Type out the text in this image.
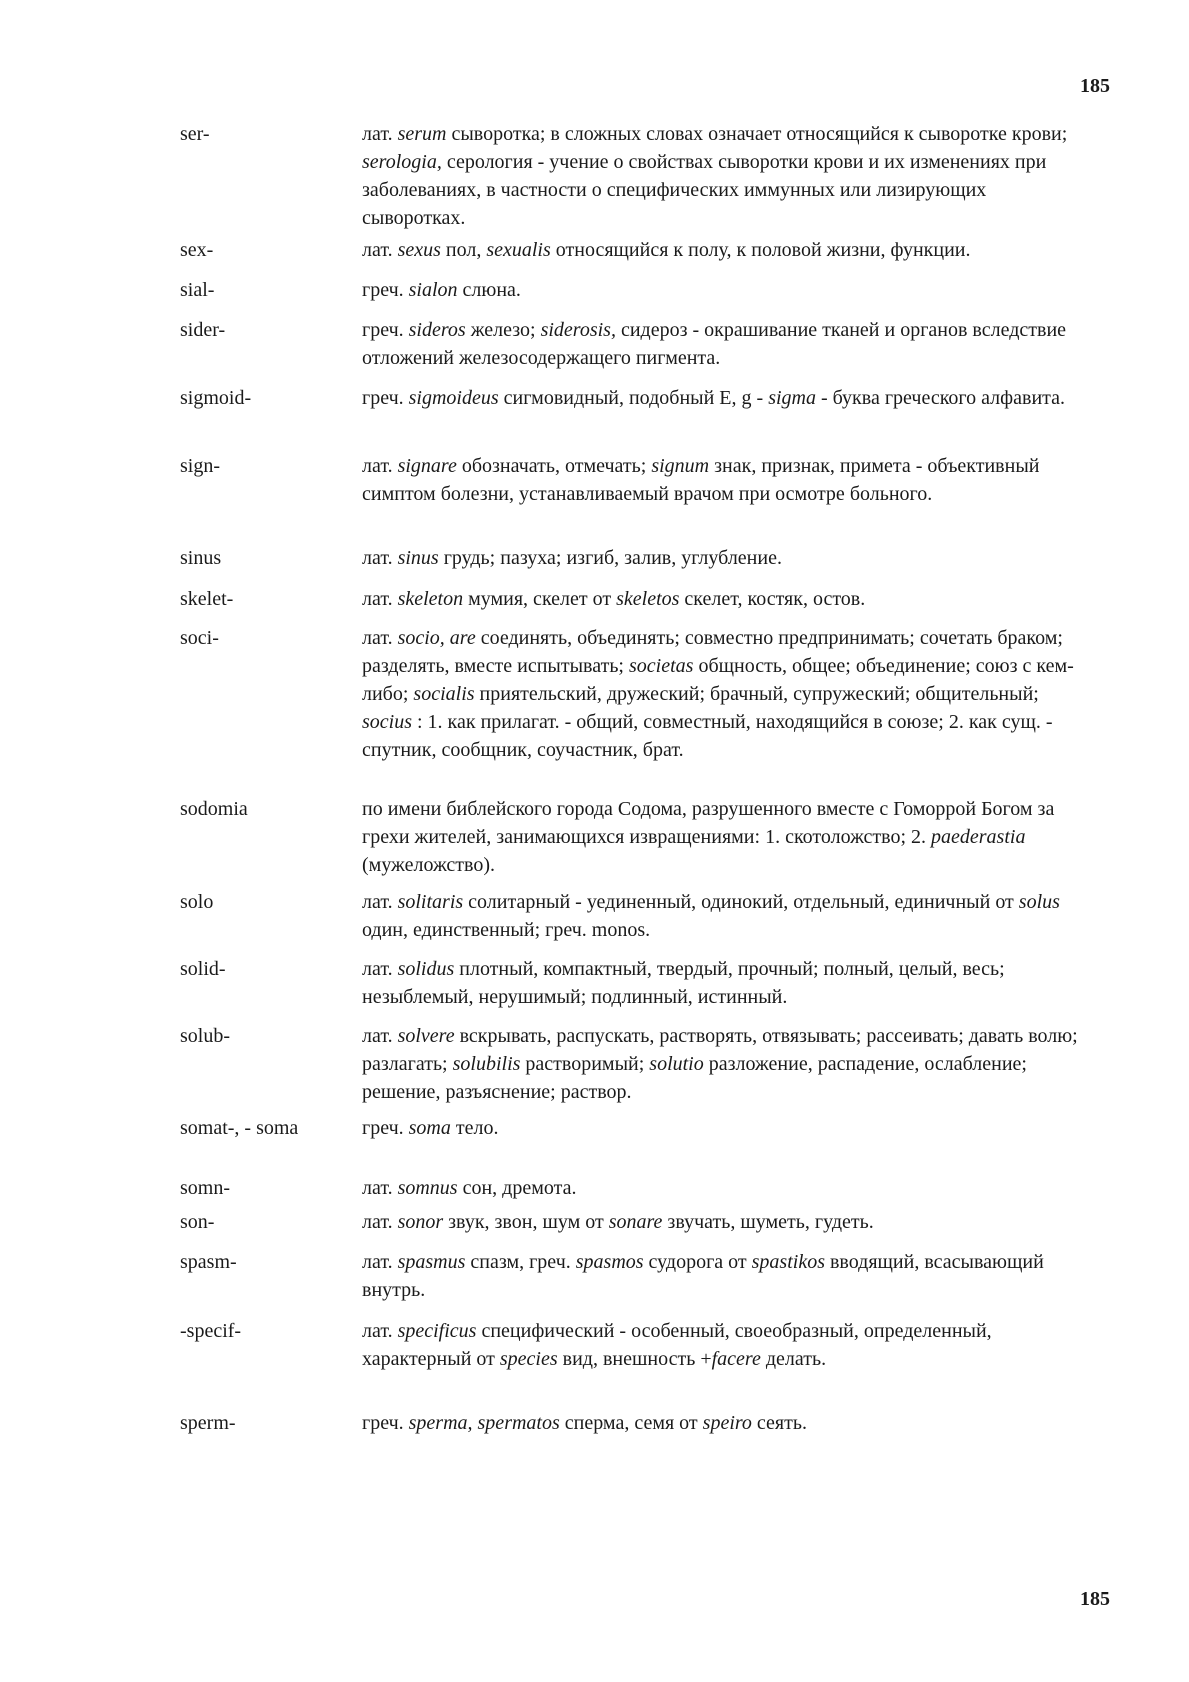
185
ser-	лат. serum сыворотка; в сложных словах означает относящийся к сыворотке крови; serologia, серология - учение о свойствах сыворотки крови и их изменениях при заболеваниях, в частности о специфических иммунных или лизирующих сыворотках.
sex-	лат. sexus пол, sexualis относящийся к полу, к половой жизни, функции.
sial-	греч. sialon слюна.
sider-	греч. sideros железо; siderosis, сидероз - окрашивание тканей и органов вследствие отложений железосодержащего пигмента.
sigmoid-	греч. sigmoideus сигмовидный, подобный E, g - sigma - буква греческого алфавита.
sign-	лат. signare обозначать, отмечать; signum знак, признак, примета - объективный симптом болезни, устанавливаемый врачом при осмотре больного.
sinus	лат. sinus грудь; пазуха; изгиб, залив, углубление.
skelet-	лат. skeleton мумия, скелет от skeletos скелет, костяк, остов.
soci-	лат. socio, are соединять, объединять; совместно предпринимать; сочетать браком; разделять, вместе испытывать; societas общность, общее; объединение; союз с кем-либо; socialis приятельский, дружеский; брачный, супружеский; общительный; socius : 1. как прилагат. - общий, совместный, находящийся в союзе; 2. как сущ. - спутник, сообщник, соучастник, брат.
sodomia	по имени библейского города Содома, разрушенного вместе с Гоморрой Богом за грехи жителей, занимающихся извращениями: 1. скотоложство; 2. paederastia (мужеложство).
solo	лат. solitaris солитарный - уединенный, одинокий, отдельный, единичный от solus один, единственный; греч. monos.
solid-	лат. solidus плотный, компактный, твердый, прочный; полный, целый, весь; незыблемый, нерушимый; подлинный, истинный.
solub-	лат. solvere вскрывать, распускать, растворять, отвязывать; рассеивать; давать волю; разлагать; solubilis растворимый; solutio разложение, распадение, ослабление; решение, разъяснение; раствор.
somat-, - soma	греч. soma тело.
somn-	лат. somnus сон, дремота.
son-	лат. sonor звук, звон, шум от sonare звучать, шуметь, гудеть.
spasm-	лат. spasmus спазм, греч. spasmos судорога от spastikos вводящий, всасывающий внутрь.
-specif-	лат. specificus специфический - особенный, своеобразный, определенный, характерный от species вид, внешность +facere делать.
sperm-	греч. sperma, spermatos сперма, семя от speiro сеять.
185
